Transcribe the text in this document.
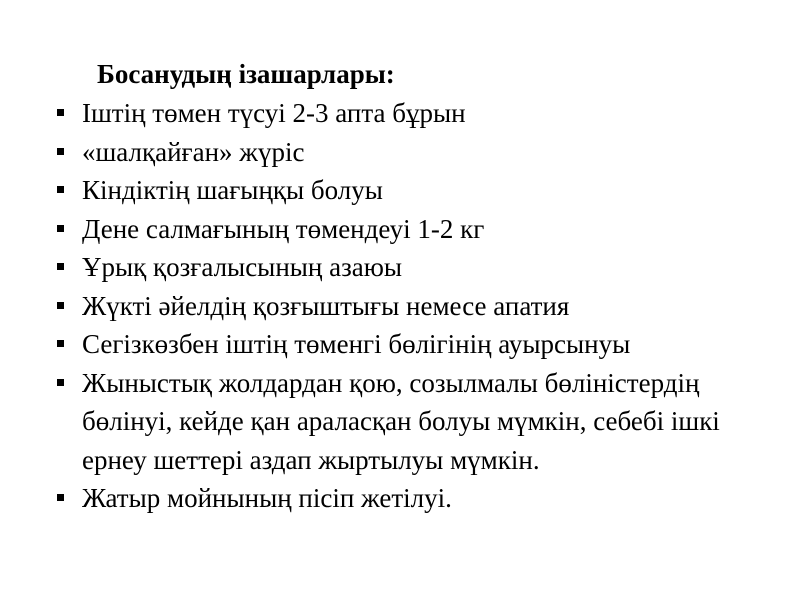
Босанудың ізашарлары:
Іштің төмен түсуі 2-3 апта бұрын
«шалқайған» жүріс
Кіндіктің шағыңқы болуы
Дене салмағының төмендеуі 1-2 кг
Ұрық қозғалысының азаюы
Жүкті әйелдің қозғыштығы немесе апатия
Сегізкөзбен іштің төменгі бөлігінің ауырсынуы
Жыныстық жолдардан қою, созылмалы бөліністердің бөлінуі, кейде қан араласқан болуы мүмкін, себебі ішкі ернеу шеттері аздап жыртылуы мүмкін.
Жатыр мойнының пісіп жетілуі.
